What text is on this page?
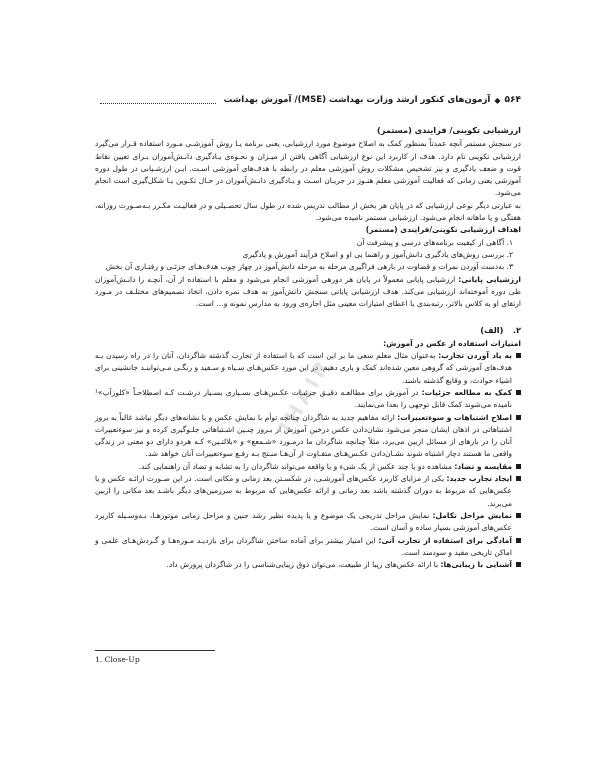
۵۶۴
◆
آزمون‌های کنکور ارشد وزارت بهداشت (MSE)/ آموزش بهداشت
IHAIR

ارزشیابی تکوینی/ فرایندی (مستمر)

در سنجش مستمر آنچه عمدتاً بمنظور کمک به اصلاح موضوع مورد ارزشیابی، یعنی برنامه یـا روش آموزشـی مـورد استفاده قـرار می‌گیرد ارزشیابی تکوینی نام دارد. هدف از کاربرد این نوع ارزشیابی آگاهی یافتن از میـزان و نحـوه‌ی یـادگیری دانـش‌آموزان بـرای تعیین نقاط قوت و ضعف یادگیری و نیز تشخیص مشکلات روش آموزشی معلم در رابطه با هدف‌های آموزشی اسـت. ایـن ارزشـیابی در طول دوره آموزشی یعنی زمانی که فعالیت آموزشی معلم هنـوز در جریـان اسـت و یـادگیری دانـش‌آموزان در حـال تکـوین یـا شکل‌گیری است انجام می‌شود.

به عبارتی دیگر نوعی ارزشیابی که در پایان هر بخش از مطالب تدریس شده در طول سال تحصـیلی و در فعالیـت مکـرر بـه‌صـورت روزانه، هفتگی و یا ماهانه انجام می‌شود. ارزشیابی مستمر نامیده می‌شود.

اهداف ارزشیابی تکوینی/فرایندی (مستمر)

۱. آگاهی از کیفیت برنامه‌های درسی و پیشرفت آن

۲. بررسی روش‌های یادگیری دانش‌آموز و راهنما یی او و اصلاح فرآیند آموزش و یادگیری

۳. به‌دست آوردن نمرات و قضاوت در بارهی فراگیری مرحله به مرحله دانش‌آموز در چهار چوب هدف‌هـای جزئـی و رفتـاری آن بخش

ارزشیابی پایانی: ارزشیابی پایانی معمولاً در پایان هر دورهی آموزشی انجام می‌شود و معلم با استفاده از آن، آنچـه را دانـش‌آموزان طی دوره آموخته‌اند ارزشیابی می‌کند. هدف ارزشیابی پایانی سنجش دانش‌آموز به هدف نمره دادن، اتخاذ تصمیم‌های مختلـف در مـورد ارتقای او به کلاس بالاتر، رتبه‌بندی یا اعطای امتیازات معینی مثل اجازه‌ی ورود به مدارس نمونه و… است.

۲.    (الف)

امتیازات استفاده از عکس در آموزش:

به یاد آوردن تجارب: به‌عنوان مثال معلم سعی ما بر این است که با استفاده از تجارب گذشته شاگردان، آنان را در راه رسیدن بـه هدف‌های آموزشی که گروهی معین شده‌اند کمک و یاری دهیم. در این مورد عکس‌هـای سـیاه و سـفید و رنگـی مـی‌تواننـد جانشینی برای اشیاء حوادث، و وقایع گذشته باشند.

کمک به مطالعه جزئیات: در آموزش برای مطالعـه دقیـق جزئیـات عکـس‌هـای بسـیاری بسـیار درشـت کـه اصطلاحـاً «کلوزآپ»¹ نامیده می‌شوند کمک قابل توجهی را بعدا می‌نمایند.

اصلاح اشتباهات و سوءتعبیرات: ارائه مفاهیم جدید به شاگردان چنانچه توأم با نمایش عکس و یا نشانه‌های دیگر نباشد غالباً به بروز اشتباهاتی در اذهان ایشان منجر می‌شود نشان‌دادن عکس درخین آموزش از بـروز چنـین اشـتباهاتی جلـوگیری کرده و نیز سوءتعبیرات آنان را در بارهای از مسائل ازبین می‌برد، مثلاً چنانچه شاگردان ما درمـورد «شـمعع» و «بلالتـین» کـه هردو دارای دو معنی در زندگی واقعی ما هستند دچار اشتباه شوند نشـان‌دادن عکـس‌هـای متفـاوت از آن‌هـا منـتج بـه رفـع سوءتعبیرات آنان خواهد شد.

مقایسه و تضاد: مشاهده دو یا چند عکس از یک شیء و یا واقعه می‌تواند شاگردان را به تشابه و تضاد آن راهنمایی کند.

ایجاد تجارب جدید: یکی از مزایای کاربرد عکس‌های آموزشـی، در شکسـتن بعد زمانی و مکانی است. در این صـورت ارائـه عکس و یا عکس‌هایی که مربوط به دوران گذشته باشد بعد زمانی و ارائه عکس‌هایی که مربوط به سرزمین‌های دیگر باشـد بعد مکانی را ازبین می‌برند.

نمایش مراحل تکامل: نمایش مراحل تدریجی یک موضوع و یا پدیده نظیر رشد جنین و مراحل زمانی موتورهـا، بـه‌وسـیله کاربرد عکس‌های آموزشی بسیار ساده و آسان است.

آمادگی برای استفاده از تجارب آتی: این امتیاز بیشتر برای آماده ساختن شاگردان برای بازدیـد مـوزه‌هـا و گـردش‌هـای علمی و اماکن تاریخی مفید و سودمند است.

آشنایی با زیبایی‌ها: با ارائه عکس‌های زیبا از طبیعت، می‌توان ذوق زیبایی‌شناسی را در شاگردان پرورش داد.

1. Close-Up
